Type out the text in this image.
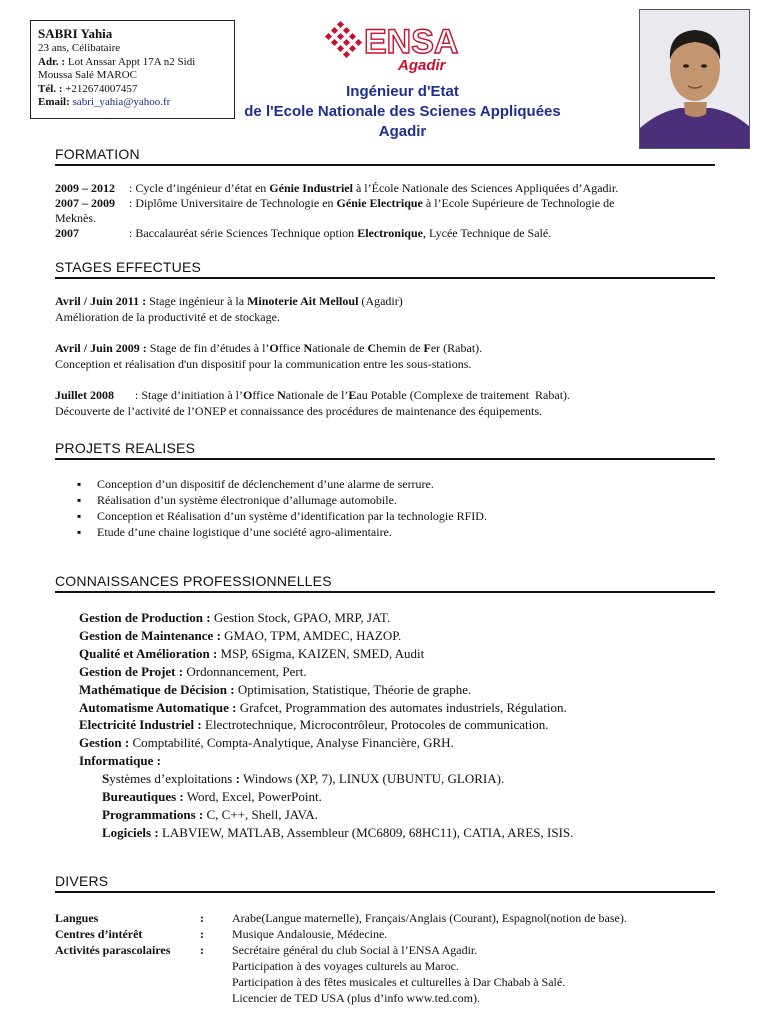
SABRI Yahia
23 ans, Célibataire
Adr. : Lot Anssar Appt 17A n2 Sidi Moussa Salé MAROC
Tél. : +212674007457
Email: sabri_yahia@yahoo.fr
ENSA
Agadir
Ingénieur d'Etat
de l'Ecole Nationale des Scienes Appliquées
Agadir
FORMATION
2009 – 2012	: Cycle d’ingénieur d’état en Génie Industriel à l’École Nationale des Sciences Appliquées d’Agadir.
2007 – 2009	: Diplôme Universitaire de Technologie en Génie Electrique à l’Ecole Supérieure de Technologie de
Meknès.
2007	: Baccalauréat série Sciences Technique option Electronique, Lycée Technique de Salé.
STAGES EFFECTUES
Avril / Juin 2011 : Stage ingénieur à la Minoterie Ait Melloul (Agadir)
Amélioration de la productivité et de stockage.
Avril / Juin 2009 : Stage de fin d’études à l’Office Nationale de Chemin de Fer (Rabat).
Conception et réalisation d'un dispositif pour la communication entre les sous-stations.
Juillet 2008       : Stage d’initiation à l’Office Nationale de l’Eau Potable (Complexe de traitement  Rabat).
Découverte de l’activité de l’ONEP et connaissance des procédures de maintenance des équipements.
PROJETS REALISES
▪ Conception d’un dispositif de déclenchement d’une alarme de serrure.
▪ Réalisation d’un système électronique d’allumage automobile.
▪ Conception et Réalisation d’un système d’identification par la technologie RFID.
▪ Etude d’une chaine logistique d’une société agro-alimentaire.
CONNAISSANCES PROFESSIONNELLES
Gestion de Production : Gestion Stock, GPAO, MRP, JAT.
Gestion de Maintenance : GMAO, TPM, AMDEC, HAZOP.
Qualité et Amélioration : MSP, 6Sigma, KAIZEN, SMED, Audit
Gestion de Projet : Ordonnancement, Pert.
Mathématique de Décision : Optimisation, Statistique, Théorie de graphe.
Automatisme Automatique : Grafcet, Programmation des automates industriels, Régulation.
Electricité Industriel : Electrotechnique, Microcontrôleur, Protocoles de communication.
Gestion : Comptabilité, Compta-Analytique, Analyse Financière, GRH.
Informatique :
Systèmes d’exploitations : Windows (XP, 7), LINUX (UBUNTU, GLORIA).
Bureautiques : Word, Excel, PowerPoint.
Programmations : C, C++, Shell, JAVA.
Logiciels : LABVIEW, MATLAB, Assembleur (MC6809, 68HC11), CATIA, ARES, ISIS.
DIVERS
Langues	:	Arabe(Langue maternelle), Français/Anglais (Courant), Espagnol(notion de base).
Centres d’intérêt	:	Musique Andalousie, Médecine.
Activités parascolaires	:	Secrétaire général du club Social à l’ENSA Agadir.
Participation à des voyages culturels au Maroc.
Participation à des fêtes musicales et culturelles à Dar Chabab à Salé.
Licencier de TED USA (plus d’info www.ted.com).
